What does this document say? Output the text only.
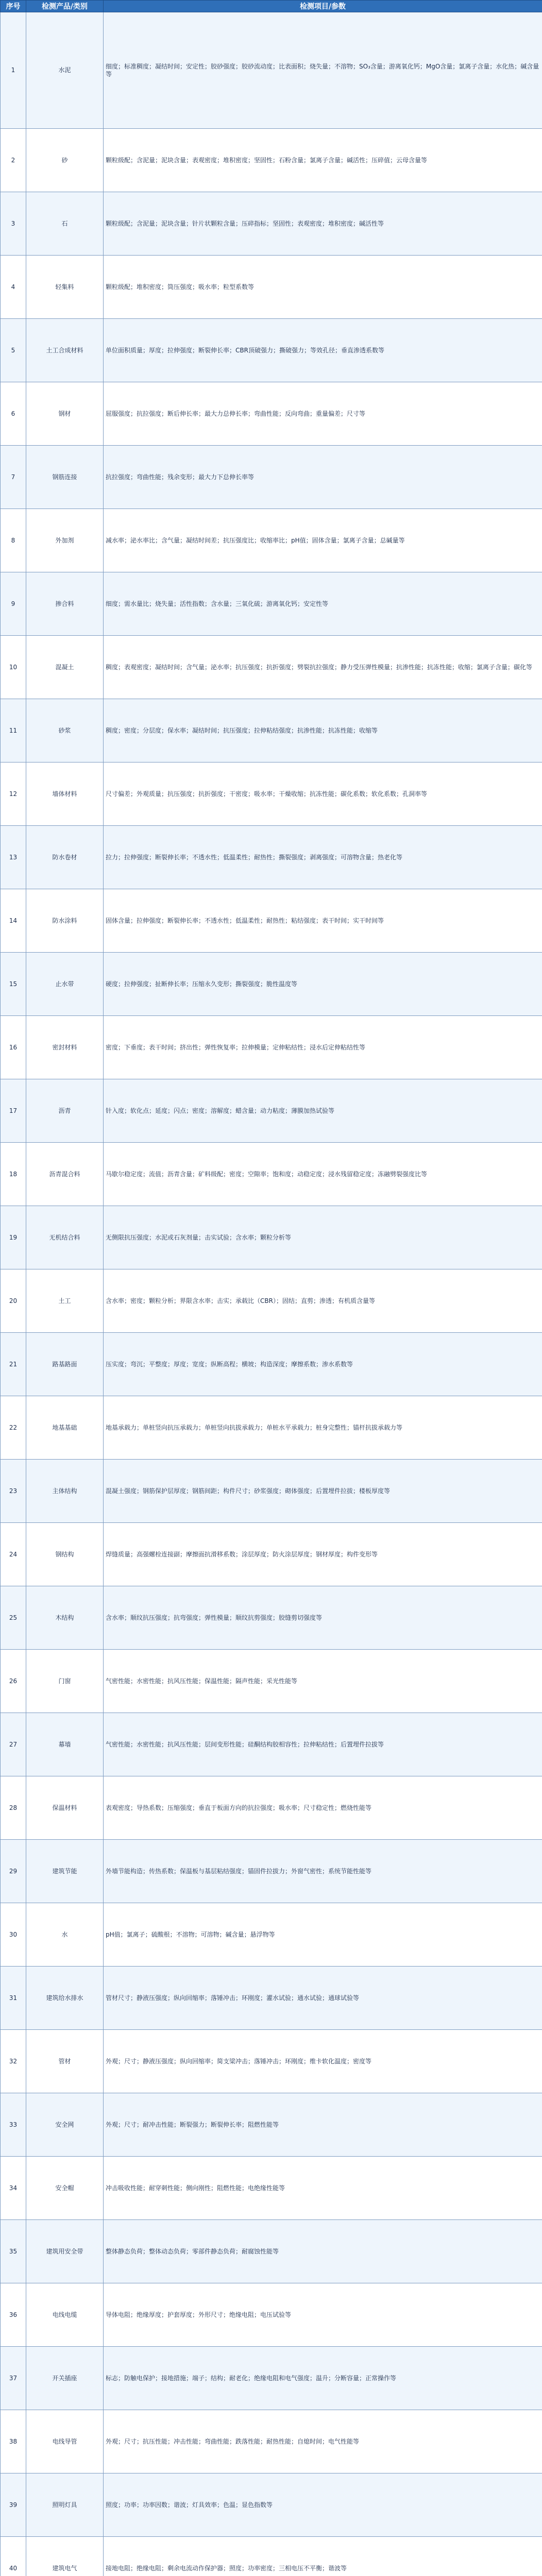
序号	检测产品/类别	检测项目/参数
1	水泥	细度；标准稠度；凝结时间；安定性；胶砂强度；胶砂流动度；比表面积；烧失量；不溶物；SO₃含量；游离氧化钙；MgO含量；氯离子含量；水化热；碱含量等
2	砂	颗粒级配；含泥量；泥块含量；表观密度；堆积密度；坚固性；石粉含量；氯离子含量；碱活性；压碎值；云母含量等
3	石	颗粒级配；含泥量；泥块含量；针片状颗粒含量；压碎指标；坚固性；表观密度；堆积密度；碱活性等
4	轻集料	颗粒级配；堆积密度；筒压强度；吸水率；粒型系数等
5	土工合成材料	单位面积质量；厚度；拉伸强度；断裂伸长率；CBR顶破强力；撕破强力；等效孔径；垂直渗透系数等
6	钢材	屈服强度；抗拉强度；断后伸长率；最大力总伸长率；弯曲性能；反向弯曲；重量偏差；尺寸等
7	钢筋连接	抗拉强度；弯曲性能；残余变形；最大力下总伸长率等
8	外加剂	减水率；泌水率比；含气量；凝结时间差；抗压强度比；收缩率比；pH值；固体含量；氯离子含量；总碱量等
9	掺合料	细度；需水量比；烧失量；活性指数；含水量；三氧化硫；游离氧化钙；安定性等
10	混凝土	稠度；表观密度；凝结时间；含气量；泌水率；抗压强度；抗折强度；劈裂抗拉强度；静力受压弹性模量；抗渗性能；抗冻性能；收缩；氯离子含量；碳化等
11	砂浆	稠度；密度；分层度；保水率；凝结时间；抗压强度；拉伸粘结强度；抗渗性能；抗冻性能；收缩等
12	墙体材料	尺寸偏差；外观质量；抗压强度；抗折强度；干密度；吸水率；干燥收缩；抗冻性能；碳化系数；软化系数；孔洞率等
13	防水卷材	拉力；拉伸强度；断裂伸长率；不透水性；低温柔性；耐热性；撕裂强度；剥离强度；可溶物含量；热老化等
14	防水涂料	固体含量；拉伸强度；断裂伸长率；不透水性；低温柔性；耐热性；粘结强度；表干时间；实干时间等
15	止水带	硬度；拉伸强度；扯断伸长率；压缩永久变形；撕裂强度；脆性温度等
16	密封材料	密度；下垂度；表干时间；挤出性；弹性恢复率；拉伸模量；定伸粘结性；浸水后定伸粘结性等
17	沥青	针入度；软化点；延度；闪点；密度；溶解度；蜡含量；动力粘度；薄膜加热试验等
18	沥青混合料	马歇尔稳定度；流值；沥青含量；矿料级配；密度；空隙率；饱和度；动稳定度；浸水残留稳定度；冻融劈裂强度比等
19	无机结合料	无侧限抗压强度；水泥或石灰剂量；击实试验；含水率；颗粒分析等
20	土工	含水率；密度；颗粒分析；界限含水率；击实；承载比（CBR）；固结；直剪；渗透；有机质含量等
21	路基路面	压实度；弯沉；平整度；厚度；宽度；纵断高程；横坡；构造深度；摩擦系数；渗水系数等
22	地基基础	地基承载力；单桩竖向抗压承载力；单桩竖向抗拔承载力；单桩水平承载力；桩身完整性；锚杆抗拔承载力等
23	主体结构	混凝土强度；钢筋保护层厚度；钢筋间距；构件尺寸；砂浆强度；砌体强度；后置埋件拉拔；楼板厚度等
24	钢结构	焊缝质量；高强螺栓连接副；摩擦面抗滑移系数；涂层厚度；防火涂层厚度；钢材厚度；构件变形等
25	木结构	含水率；顺纹抗压强度；抗弯强度；弹性模量；顺纹抗剪强度；胶缝剪切强度等
26	门窗	气密性能；水密性能；抗风压性能；保温性能；隔声性能；采光性能等
27	幕墙	气密性能；水密性能；抗风压性能；层间变形性能；硅酮结构胶相容性；拉伸粘结性；后置埋件拉拔等
28	保温材料	表观密度；导热系数；压缩强度；垂直于板面方向的抗拉强度；吸水率；尺寸稳定性；燃烧性能等
29	建筑节能	外墙节能构造；传热系数；保温板与基层粘结强度；锚固件拉拔力；外窗气密性；系统节能性能等
30	水	pH值；氯离子；硫酸根；不溶物；可溶物；碱含量；悬浮物等
31	建筑给水排水	管材尺寸；静液压强度；纵向回缩率；落锤冲击；环刚度；灌水试验；通水试验；通球试验等
32	管材	外观；尺寸；静液压强度；纵向回缩率；简支梁冲击；落锤冲击；环刚度；维卡软化温度；密度等
33	安全网	外观；尺寸；耐冲击性能；断裂强力；断裂伸长率；阻燃性能等
34	安全帽	冲击吸收性能；耐穿刺性能；侧向刚性；阻燃性能；电绝缘性能等
35	建筑用安全带	整体静态负荷；整体动态负荷；零部件静态负荷；耐腐蚀性能等
36	电线电缆	导体电阻；绝缘厚度；护套厚度；外形尺寸；绝缘电阻；电压试验等
37	开关插座	标志；防触电保护；接地措施；端子；结构；耐老化；绝缘电阻和电气强度；温升；分断容量；正常操作等
38	电线导管	外观；尺寸；抗压性能；冲击性能；弯曲性能；跌落性能；耐热性能；自熄时间；电气性能等
39	照明灯具	照度；功率；功率因数；谐波；灯具效率；色温；显色指数等
40	建筑电气	接地电阻；绝缘电阻；剩余电流动作保护器；照度；功率密度；三相电压不平衡；谐波等
